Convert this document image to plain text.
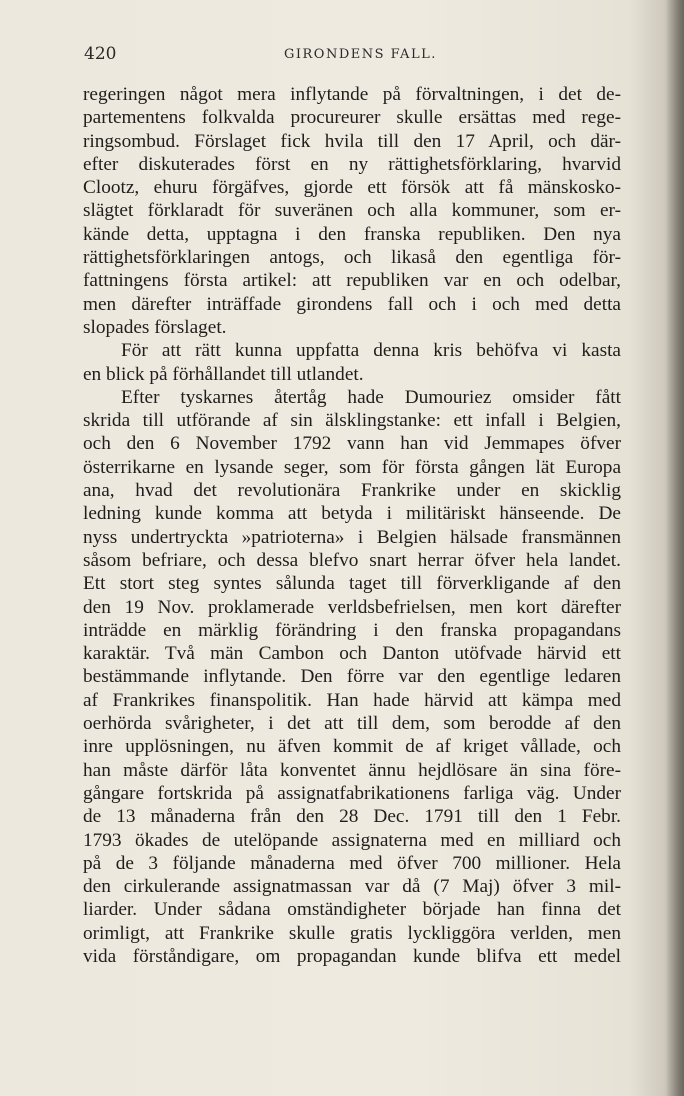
420	GIRONDENS FALL.
regeringen något mera inflytande på förvaltningen, i det de-
partementens folkvalda procureurer skulle ersättas med rege-
ringsombud. Förslaget fick hvila till den 17 April, och där-
efter diskuterades först en ny rättighetsförklaring, hvarvid
Clootz, ehuru förgäfves, gjorde ett försök att få mänskosko-
slägtet förklaradt för suveränen och alla kommuner, som er-
kände detta, upptagna i den franska republiken. Den nya
rättighetsförklaringen antogs, och likaså den egentliga för-
fattningens första artikel: att republiken var en och odelbar,
men därefter inträffade girondens fall och i och med detta
slopades förslaget.
För att rätt kunna uppfatta denna kris behöfva vi kasta
en blick på förhållandet till utlandet.
Efter tyskarnes återtåg hade Dumouriez omsider fått
skrida till utförande af sin älsklingstanke: ett infall i Belgien,
och den 6 November 1792 vann han vid Jemmapes öfver
österrikarne en lysande seger, som för första gången lät Europa
ana, hvad det revolutionära Frankrike under en skicklig
ledning kunde komma att betyda i militäriskt hänseende. De
nyss undertryckta »patrioterna» i Belgien hälsade fransmännen
såsom befriare, och dessa blefvo snart herrar öfver hela landet.
Ett stort steg syntes sålunda taget till förverkligande af den
den 19 Nov. proklamerade verldsbefrielsen, men kort därefter
inträdde en märklig förändring i den franska propagandans
karaktär. Två män Cambon och Danton utöfvade härvid ett
bestämmande inflytande. Den förre var den egentlige ledaren
af Frankrikes finanspolitik. Han hade härvid att kämpa med
oerhörda svårigheter, i det att till dem, som berodde af den
inre upplösningen, nu äfven kommit de af kriget vållade, och
han måste därför låta konventet ännu hejdlösare än sina före-
gångare fortskrida på assignatfabrikationens farliga väg. Under
de 13 månaderna från den 28 Dec. 1791 till den 1 Febr.
1793 ökades de utelöpande assignaterna med en milliard och
på de 3 följande månaderna med öfver 700 millioner. Hela
den cirkulerande assignatmassan var då (7 Maj) öfver 3 mil-
liarder. Under sådana omständigheter började han finna det
orimligt, att Frankrike skulle gratis lyckliggöra verlden, men
vida förståndigare, om propagandan kunde blifva ett medel
